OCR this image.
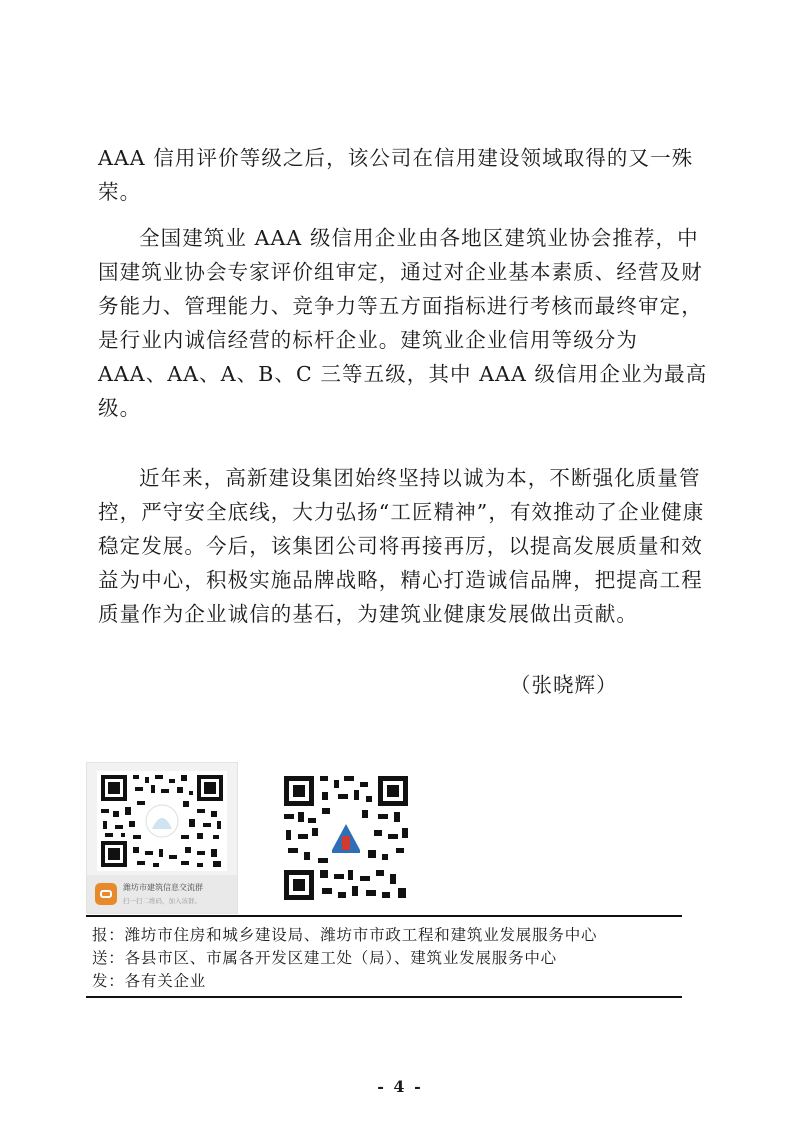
AAA 信用评价等级之后，该公司在信用建设领域取得的又一殊
荣。

全国建筑业 AAA 级信用企业由各地区建筑业协会推荐，中
国建筑业协会专家评价组审定，通过对企业基本素质、经营及财
务能力、管理能力、竞争力等五方面指标进行考核而最终审定，
是行业内诚信经营的标杆企业。建筑业企业信用等级分为
AAA、AA、A、B、C 三等五级，其中 AAA 级信用企业为最高
级。

近年来，高新建设集团始终坚持以诚为本，不断强化质量管
控，严守安全底线，大力弘扬“工匠精神”，有效推动了企业健康
稳定发展。今后，该集团公司将再接再厉，以提高发展质量和效
益为中心，积极实施品牌战略，精心打造诚信品牌，把提高工程
质量作为企业诚信的基石，为建筑业健康发展做出贡献。

（张晓辉）
潍坊市建筑信息交流群
扫一扫二维码，加入该群。
报：潍坊市住房和城乡建设局、潍坊市市政工程和建筑业发展服务中心
送：各县市区、市属各开发区建工处（局）、建筑业发展服务中心
发：各有关企业
- 4 -
